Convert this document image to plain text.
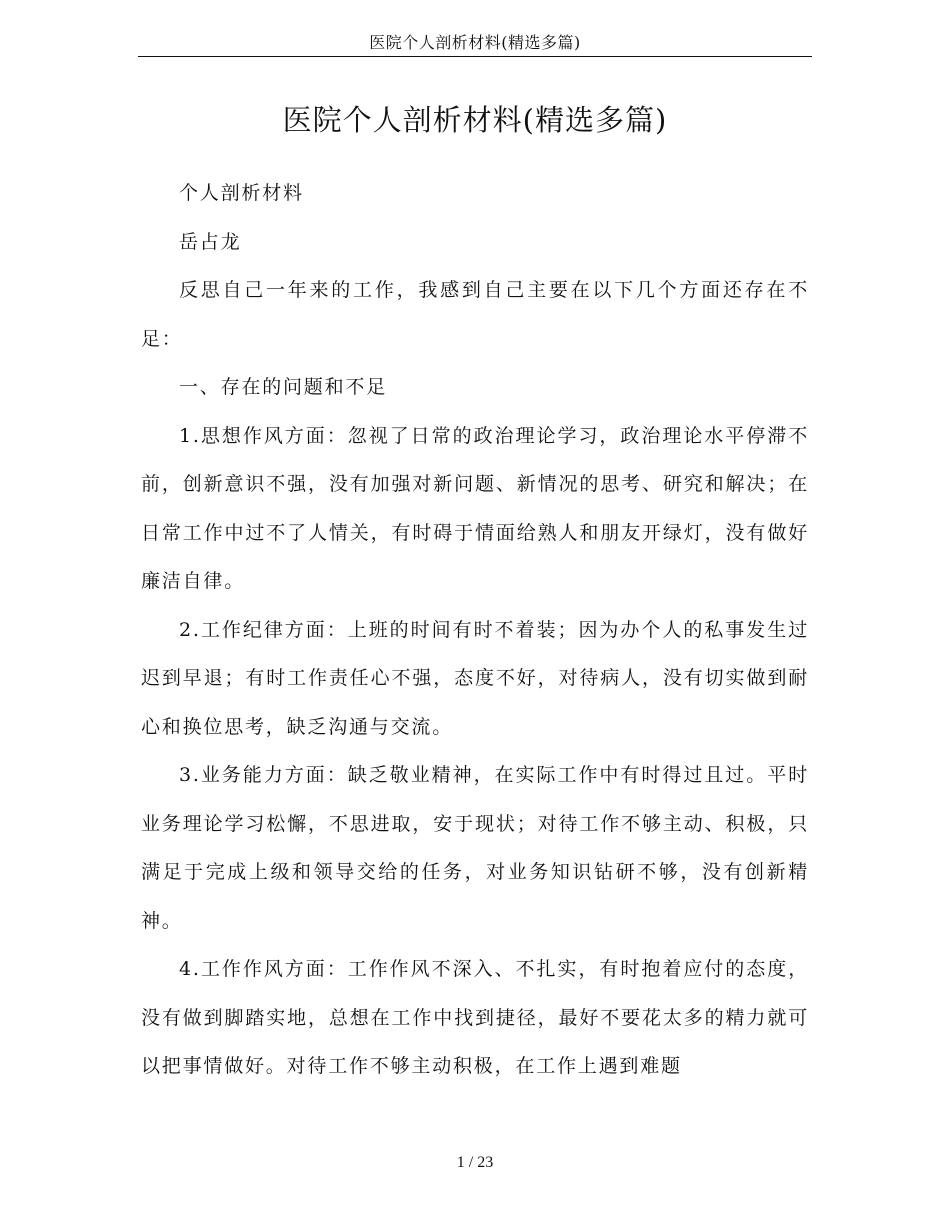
医院个人剖析材料(精选多篇)
医院个人剖析材料(精选多篇)

个人剖析材料

岳占龙

反思自己一年来的工作，我感到自己主要在以下几个方面还存在不足：

一、存在的问题和不足

1.思想作风方面：忽视了日常的政治理论学习，政治理论水平停滞不前，创新意识不强，没有加强对新问题、新情况的思考、研究和解决；在日常工作中过不了人情关，有时碍于情面给熟人和朋友开绿灯，没有做好廉洁自律。

2.工作纪律方面：上班的时间有时不着装；因为办个人的私事发生过迟到早退；有时工作责任心不强，态度不好，对待病人，没有切实做到耐心和换位思考，缺乏沟通与交流。

3.业务能力方面：缺乏敬业精神，在实际工作中有时得过且过。平时业务理论学习松懈，不思进取，安于现状；对待工作不够主动、积极，只满足于完成上级和领导交给的任务，对业务知识钻研不够，没有创新精神。

4.工作作风方面：工作作风不深入、不扎实，有时抱着应付的态度，没有做到脚踏实地，总想在工作中找到捷径，最好不要花太多的精力就可以把事情做好。对待工作不够主动积极，在工作上遇到难题

1 / 23
